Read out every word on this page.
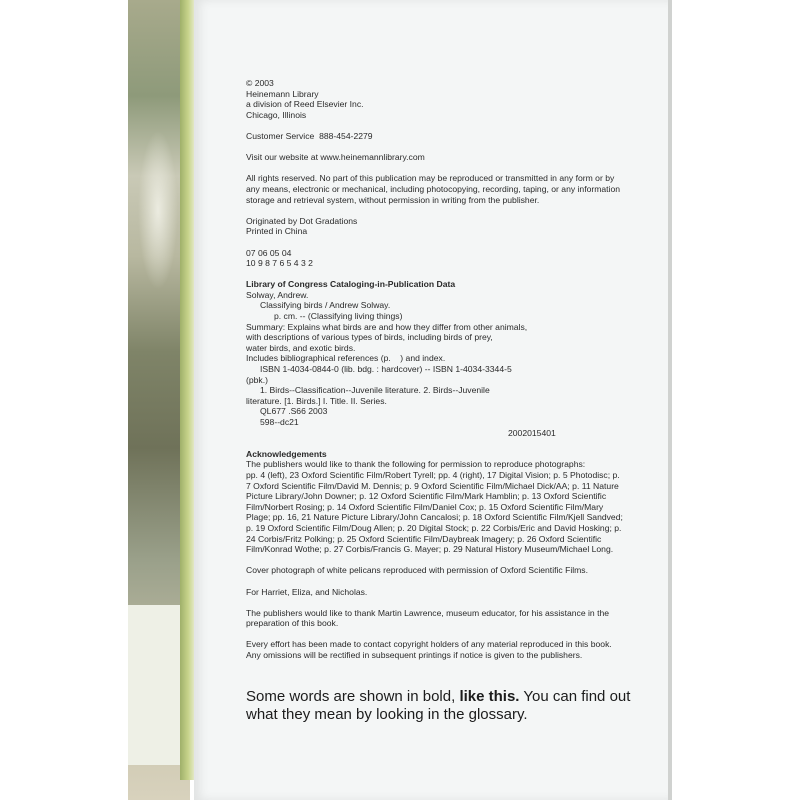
© 2003
Heinemann Library
a division of Reed Elsevier Inc.
Chicago, Illinois
Customer Service  888-454-2279
Visit our website at www.heinemannlibrary.com
All rights reserved. No part of this publication may be reproduced or transmitted in any form or by
any means, electronic or mechanical, including photocopying, recording, taping, or any information
storage and retrieval system, without permission in writing from the publisher.
Originated by Dot Gradations
Printed in China
07 06 05 04
10 9 8 7 6 5 4 3 2
Library of Congress Cataloging-in-Publication Data
Solway, Andrew.
Classifying birds / Andrew Solway.
p. cm. -- (Classifying living things)
Summary: Explains what birds are and how they differ from other animals,
with descriptions of various types of birds, including birds of prey,
water birds, and exotic birds.
Includes bibliographical references (p.    ) and index.
ISBN 1-4034-0844-0 (lib. bdg. : hardcover) -- ISBN 1-4034-3344-5
(pbk.)
1. Birds--Classification--Juvenile literature. 2. Birds--Juvenile
literature. [1. Birds.] I. Title. II. Series.
QL677 .S66 2003
598--dc21
2002015401
Acknowledgements
The publishers would like to thank the following for permission to reproduce photographs:
pp. 4 (left), 23 Oxford Scientific Film/Robert Tyrell; pp. 4 (right), 17 Digital Vision; p. 5 Photodisc; p.
7 Oxford Scientific Film/David M. Dennis; p. 9 Oxford Scientific Film/Michael Dick/AA; p. 11 Nature
Picture Library/John Downer; p. 12 Oxford Scientific Film/Mark Hamblin; p. 13 Oxford Scientific
Film/Norbert Rosing; p. 14 Oxford Scientific Film/Daniel Cox; p. 15 Oxford Scientific Film/Mary
Plage; pp. 16, 21 Nature Picture Library/John Cancalosi; p. 18 Oxford Scientific Film/Kjell Sandved;
p. 19 Oxford Scientific Film/Doug Allen; p. 20 Digital Stock; p. 22 Corbis/Eric and David Hosking; p.
24 Corbis/Fritz Polking; p. 25 Oxford Scientific Film/Daybreak Imagery; p. 26 Oxford Scientific
Film/Konrad Wothe; p. 27 Corbis/Francis G. Mayer; p. 29 Natural History Museum/Michael Long.
Cover photograph of white pelicans reproduced with permission of Oxford Scientific Films.
For Harriet, Eliza, and Nicholas.
The publishers would like to thank Martin Lawrence, museum educator, for his assistance in the
preparation of this book.
Every effort has been made to contact copyright holders of any material reproduced in this book.
Any omissions will be rectified in subsequent printings if notice is given to the publishers.
Some words are shown in bold, like this. You can find out
what they mean by looking in the glossary.
